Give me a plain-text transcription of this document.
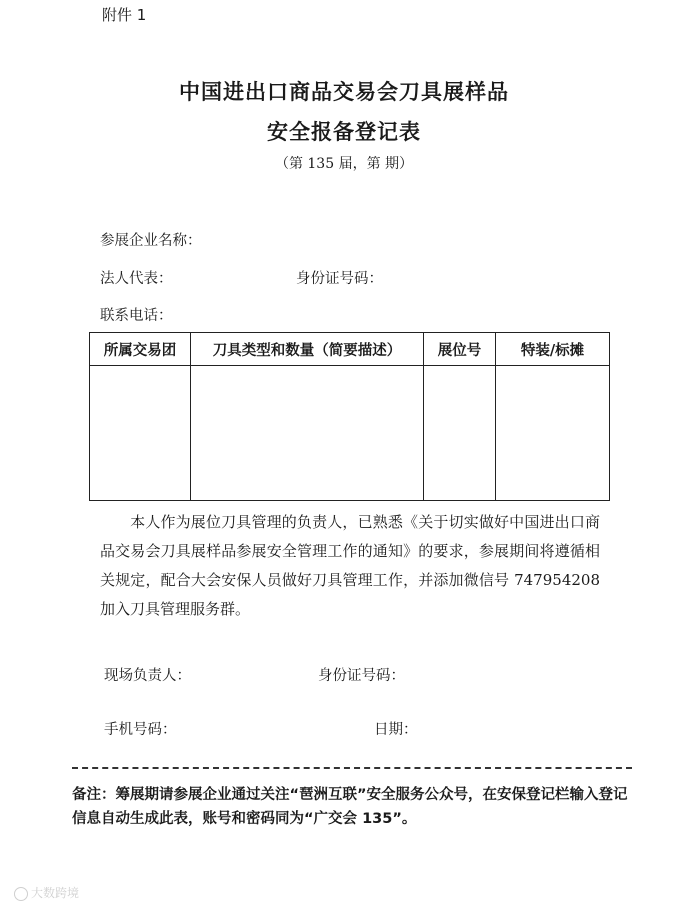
附件 1
中国进出口商品交易会刀具展样品
安全报备登记表
（第 135 届，第 期）
参展企业名称：
法人代表：	身份证号码：
联系电话：
所属交易团	刀具类型和数量（简要描述）	展位号	特装/标摊

本人作为展位刀具管理的负责人，已熟悉《关于切实做好中国进出口商品交易会刀具展样品参展安全管理工作的通知》的要求，参展期间将遵循相关规定，配合大会安保人员做好刀具管理工作，并添加微信号 747954208 加入刀具管理服务群。
现场负责人：	身份证号码：
手机号码：	日期：
备注：筹展期请参展企业通过关注“琶洲互联”安全服务公众号，在安保登记栏输入登记信息自动生成此表，账号和密码同为“广交会 135”。
大数跨境
